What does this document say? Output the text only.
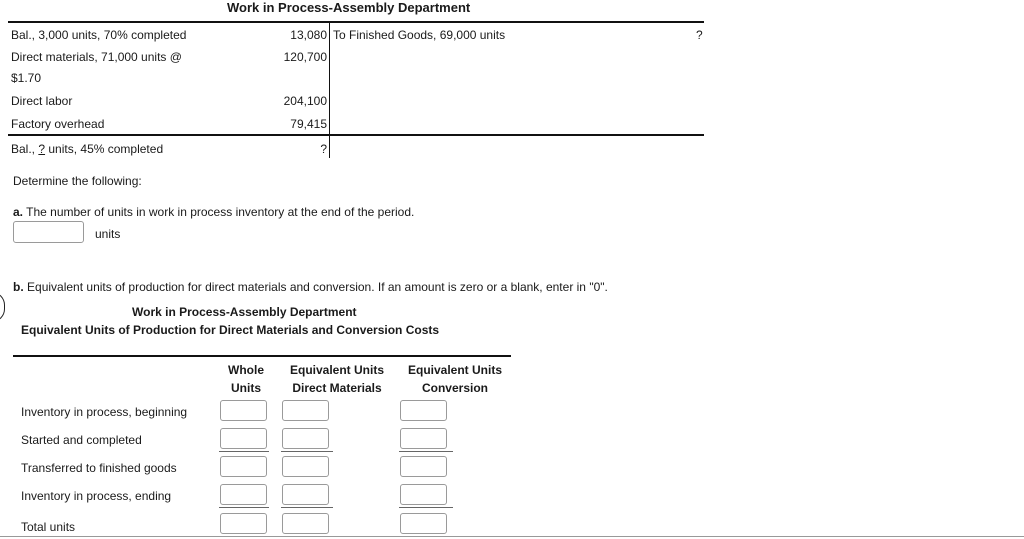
Work in Process-Assembly Department
Bal., 3,000 units, 70% completed	13,080 To Finished Goods, 69,000 units	?
Direct materials, 71,000 units @	120,700
$1.70
Direct labor	204,100
Factory overhead	79,415
Bal., ? units, 45% completed	?
Determine the following:
a. The number of units in work in process inventory at the end of the period.
units
b. Equivalent units of production for direct materials and conversion. If an amount is zero or a blank, enter in "0".
Work in Process-Assembly Department
Equivalent Units of Production for Direct Materials and Conversion Costs
Whole
Units
Equivalent Units
Direct Materials
Equivalent Units
Conversion
Inventory in process, beginning
Started and completed
Transferred to finished goods
Inventory in process, ending
Total units
